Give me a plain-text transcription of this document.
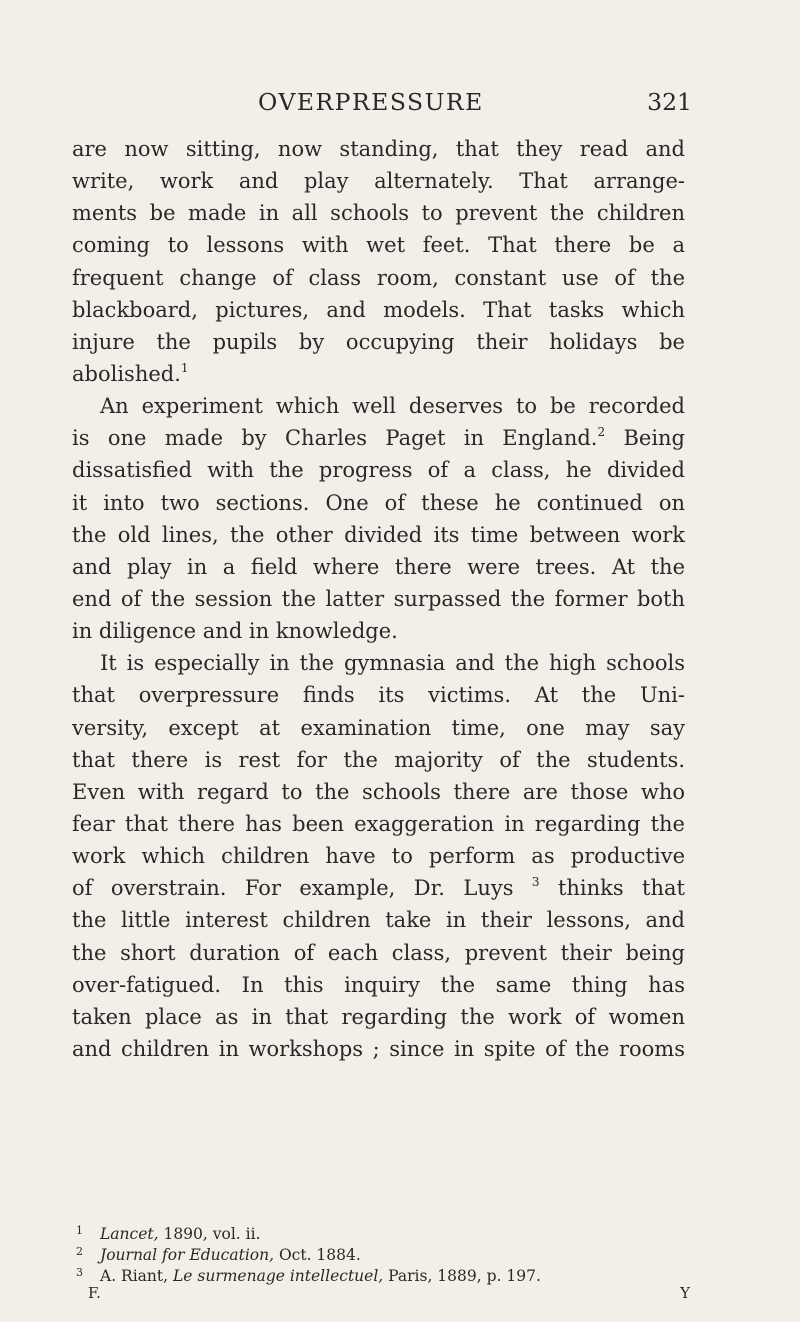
OVERPRESSURE	321
are now sitting, now standing, that they read and
write, work and play alternately. That arrange-
ments be made in all schools to prevent the children
coming to lessons with wet feet. That there be a
frequent change of class room, constant use of the
blackboard, pictures, and models. That tasks which
injure the pupils by occupying their holidays be
abolished.$^1$
An experiment which well deserves to be recorded
is one made by Charles Paget in England.$^2$ Being
dissatisfied with the progress of a class, he divided
it into two sections. One of these he continued on
the old lines, the other divided its time between work
and play in a field where there were trees. At the
end of the session the latter surpassed the former both
in diligence and in knowledge.
It is especially in the gymnasia and the high schools
that overpressure finds its victims. At the Uni-
versity, except at examination time, one may say
that there is rest for the majority of the students.
Even with regard to the schools there are those who
fear that there has been exaggeration in regarding the
work which children have to perform as productive
of overstrain. For example, Dr. Luys $^3$ thinks that
the little interest children take in their lessons, and
the short duration of each class, prevent their being
over-fatigued. In this inquiry the same thing has
taken place as in that regarding the work of women
and children in workshops ; since in spite of the rooms
1 Lancet, 1890, vol. ii.
2 Journal for Education, Oct. 1884.
3 A. Riant, Le surmenage intellectuel, Paris, 1889, p. 197.
F.	Y
